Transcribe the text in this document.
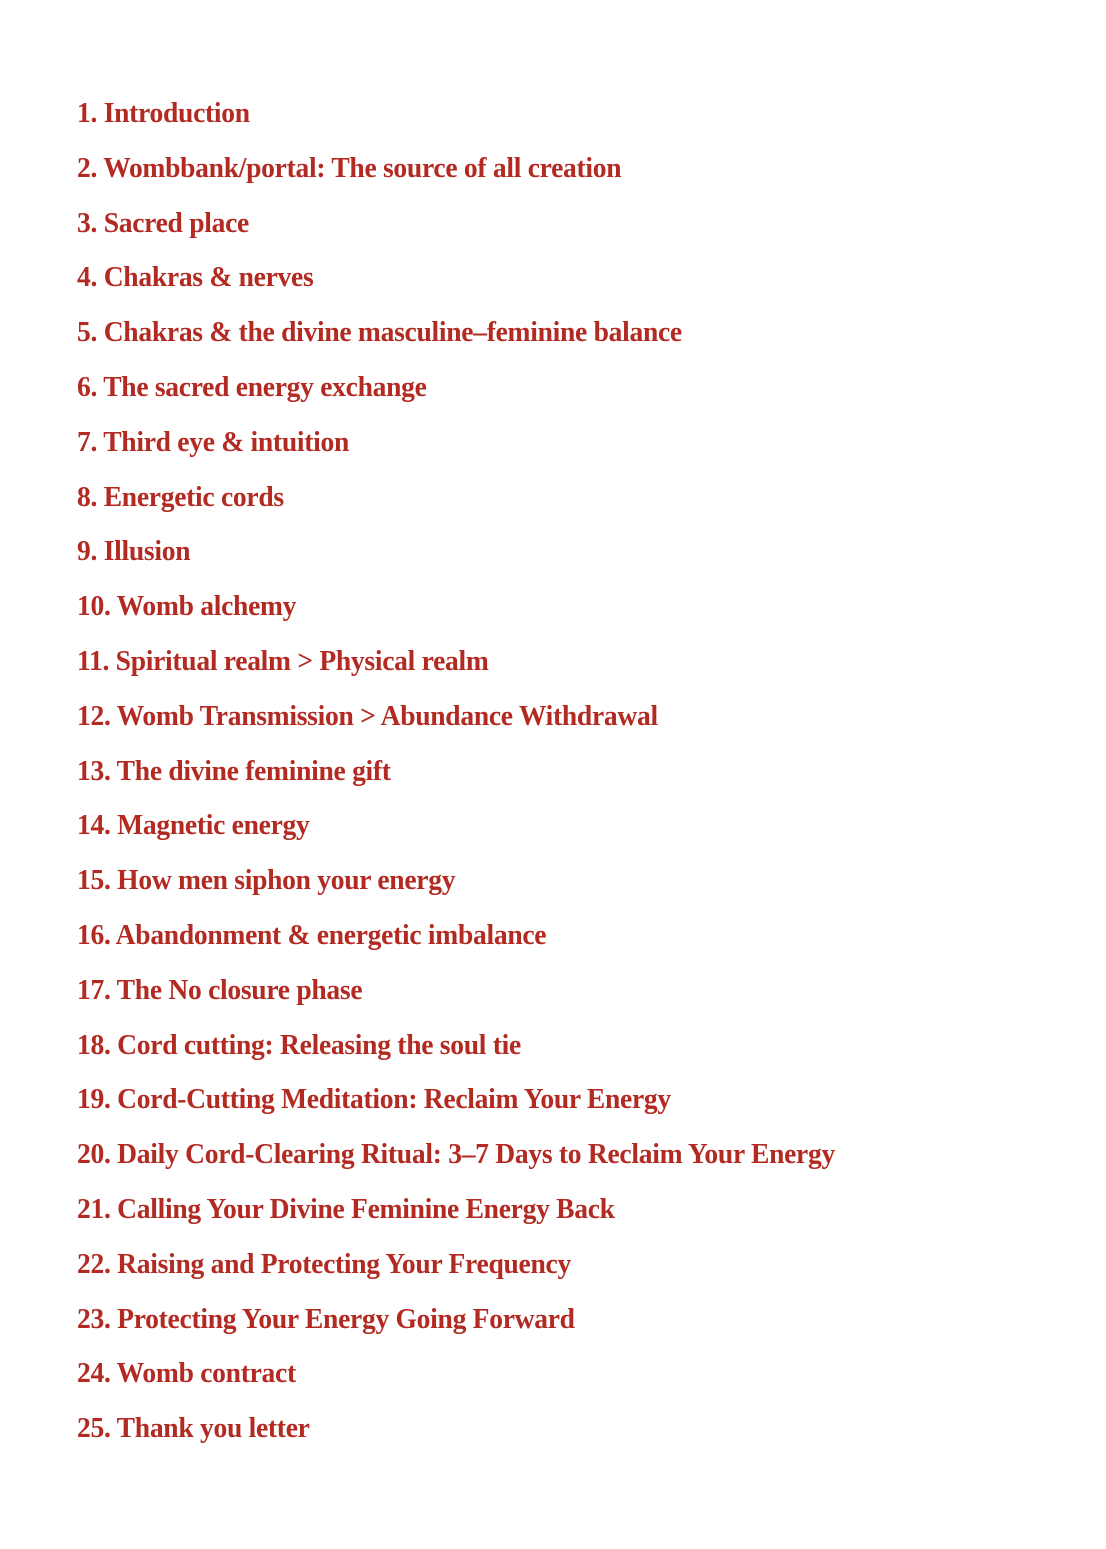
1. Introduction
2. Wombbank/portal: The source of all creation
3. Sacred place
4. Chakras & nerves
5. Chakras & the divine masculine–feminine balance
6. The sacred energy exchange
7. Third eye & intuition
8. Energetic cords
9. Illusion
10. Womb alchemy
11. Spiritual realm > Physical realm
12. Womb Transmission > Abundance Withdrawal
13. The divine feminine gift
14. Magnetic energy
15. How men siphon your energy
16. Abandonment & energetic imbalance
17. The No closure phase
18. Cord cutting: Releasing the soul tie
19. Cord-Cutting Meditation: Reclaim Your Energy
20. Daily Cord-Clearing Ritual: 3–7 Days to Reclaim Your Energy
21. Calling Your Divine Feminine Energy Back
22. Raising and Protecting Your Frequency
23. Protecting Your Energy Going Forward
24. Womb contract
25. Thank you letter
